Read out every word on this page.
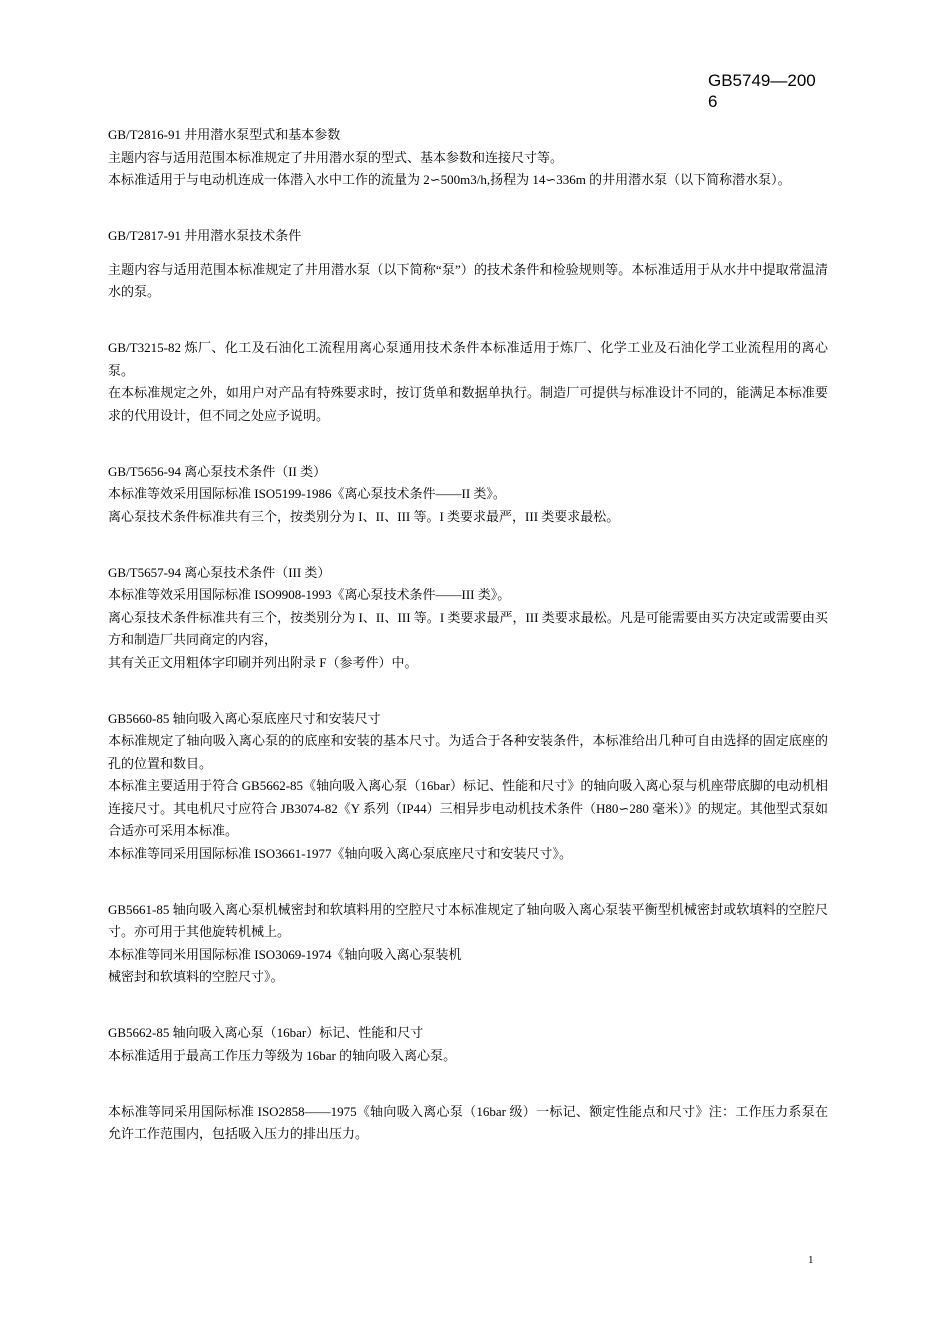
GB5749—2006

GB/T2816-91 井用潜水泵型式和基本参数

主题内容与适用范围本标准规定了井用潜水泵的型式、基本参数和连接尺寸等。

本标准适用于与电动机连成一体潜入水中工作的流量为 2∽500m3/h,扬程为 14∽336m 的井用潜水泵（以下简称潜水泵）。

GB/T2817-91 井用潜水泵技术条件

主题内容与适用范围本标准规定了井用潜水泵（以下简称“泵”）的技术条件和检验规则等。本标准适用于从水井中提取常温清水的泵。

GB/T3215-82 炼厂、化工及石油化工流程用离心泵通用技术条件本标准适用于炼厂、化学工业及石油化学工业流程用的离心泵。

在本标准规定之外，如用户对产品有特殊要求时，按订货单和数据单执行。制造厂可提供与标准设计不同的，能满足本标准要求的代用设计，但不同之处应予说明。

GB/T5656-94 离心泵技术条件（II 类）

本标准等效采用国际标准 ISO5199-1986《离心泵技术条件——II 类》。

离心泵技术条件标准共有三个，按类别分为 I、II、III 等。I 类要求最严，III 类要求最松。

GB/T5657-94 离心泵技术条件（III 类）

本标准等效采用国际标准 ISO9908-1993《离心泵技术条件——III 类》。

离心泵技术条件标准共有三个，按类别分为 I、II、III 等。I 类要求最严，III 类要求最松。凡是可能需要由买方决定或需要由买方和制造厂共同商定的内容，

其有关正文用粗体字印刷并列出附录 F（参考件）中。

GB5660-85 轴向吸入离心泵底座尺寸和安装尺寸

本标准规定了轴向吸入离心泵的的底座和安装的基本尺寸。为适合于各种安装条件，本标准给出几种可自由选择的固定底座的孔的位置和数目。

本标准主要适用于符合 GB5662-85《轴向吸入离心泵（16bar）标记、性能和尺寸》的轴向吸入离心泵与机座带底脚的电动机相连接尺寸。其电机尺寸应符合 JB3074-82《Y 系列（IP44）三相异步电动机技术条件（H80∽280 毫米）》的规定。其他型式泵如合适亦可采用本标准。

本标准等同采用国际标准 ISO3661-1977《轴向吸入离心泵底座尺寸和安装尺寸》。

GB5661-85 轴向吸入离心泵机械密封和软填料用的空腔尺寸本标准规定了轴向吸入离心泵装平衡型机械密封或软填料的空腔尺寸。亦可用于其他旋转机械上。

本标准等同米用国际标准 ISO3069-1974《轴向吸入离心泵装机

械密封和软填料的空腔尺寸》。

GB5662-85 轴向吸入离心泵（16bar）标记、性能和尺寸

本标准适用于最高工作压力等级为 16bar 的轴向吸入离心泵。

本标准等同采用国际标准 ISO2858——1975《轴向吸入离心泵（16bar 级）一标记、额定性能点和尺寸》注：工作压力系泵在允许工作范围内，包括吸入压力的排出压力。

1
